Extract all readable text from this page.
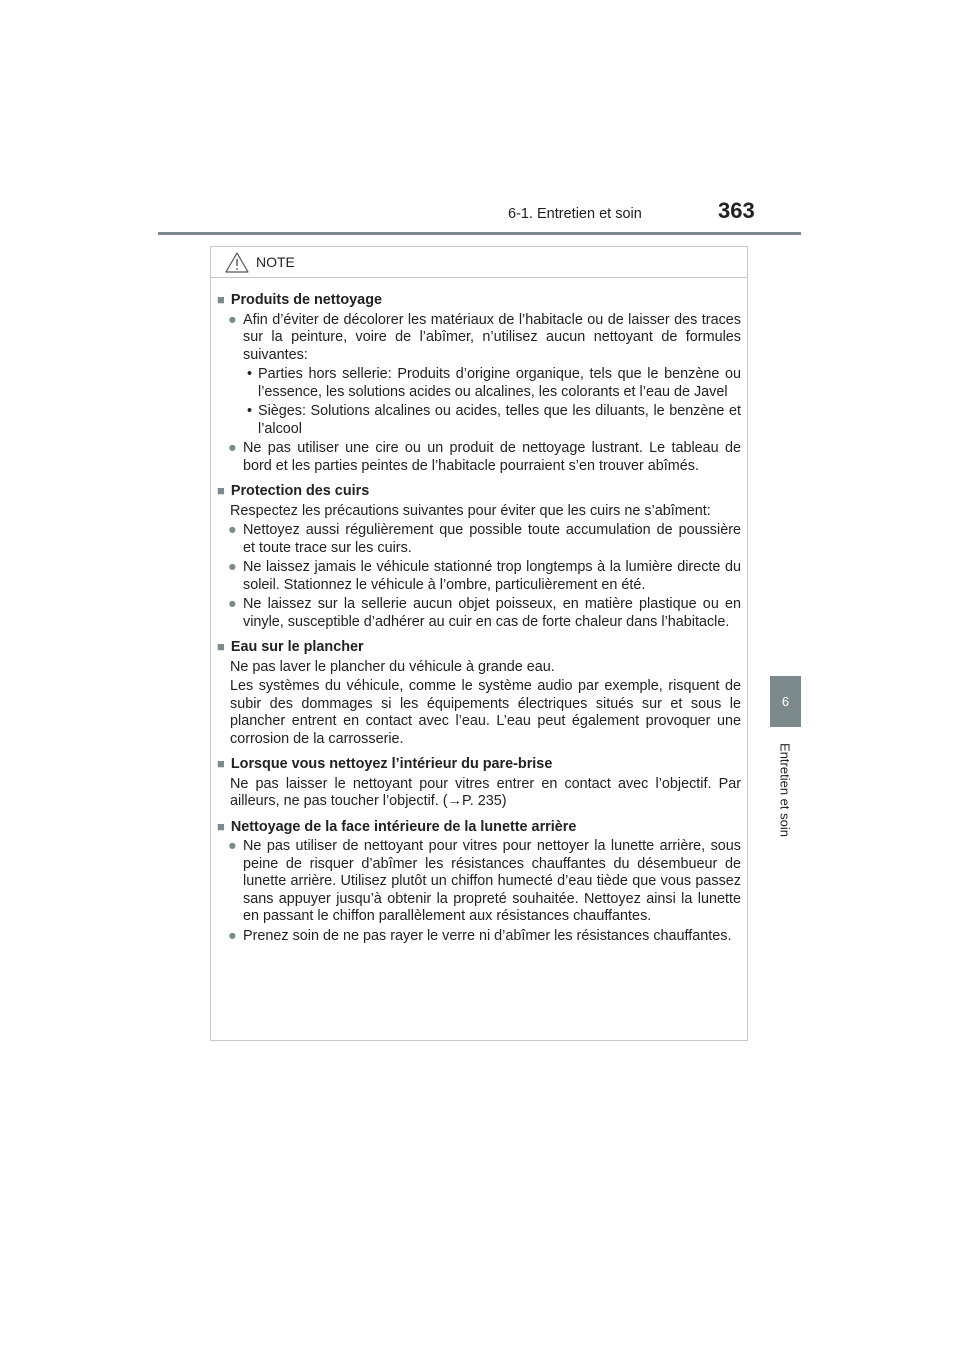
6-1. Entretien et soin	363
6
Entretien et soin
NOTE
■ Produits de nettoyage
● Afin d’éviter de décolorer les matériaux de l’habitacle ou de laisser des traces sur la peinture, voire de l’abîmer, n’utilisez aucun nettoyant de formules suivantes:
• Parties hors sellerie: Produits d’origine organique, tels que le benzène ou l’essence, les solutions acides ou alcalines, les colorants et l’eau de Javel
• Sièges: Solutions alcalines ou acides, telles que les diluants, le benzène et l’alcool
● Ne pas utiliser une cire ou un produit de nettoyage lustrant. Le tableau de bord et les parties peintes de l’habitacle pourraient s’en trouver abîmés.
■ Protection des cuirs
Respectez les précautions suivantes pour éviter que les cuirs ne s’abîment:
● Nettoyez aussi régulièrement que possible toute accumulation de poussière et toute trace sur les cuirs.
● Ne laissez jamais le véhicule stationné trop longtemps à la lumière directe du soleil. Stationnez le véhicule à l’ombre, particulièrement en été.
● Ne laissez sur la sellerie aucun objet poisseux, en matière plastique ou en vinyle, susceptible d’adhérer au cuir en cas de forte chaleur dans l’habitacle.
■ Eau sur le plancher
Ne pas laver le plancher du véhicule à grande eau.
Les systèmes du véhicule, comme le système audio par exemple, risquent de subir des dommages si les équipements électriques situés sur et sous le plancher entrent en contact avec l’eau. L’eau peut également provoquer une corrosion de la carrosserie.
■ Lorsque vous nettoyez l’intérieur du pare-brise
Ne pas laisser le nettoyant pour vitres entrer en contact avec l’objectif. Par ailleurs, ne pas toucher l’objectif. (→P. 235)
■ Nettoyage de la face intérieure de la lunette arrière
● Ne pas utiliser de nettoyant pour vitres pour nettoyer la lunette arrière, sous peine de risquer d’abîmer les résistances chauffantes du désembueur de lunette arrière. Utilisez plutôt un chiffon humecté d’eau tiède que vous passez sans appuyer jusqu’à obtenir la propreté souhaitée. Nettoyez ainsi la lunette en passant le chiffon parallèlement aux résistances chauffantes.
● Prenez soin de ne pas rayer le verre ni d’abîmer les résistances chauffantes.
